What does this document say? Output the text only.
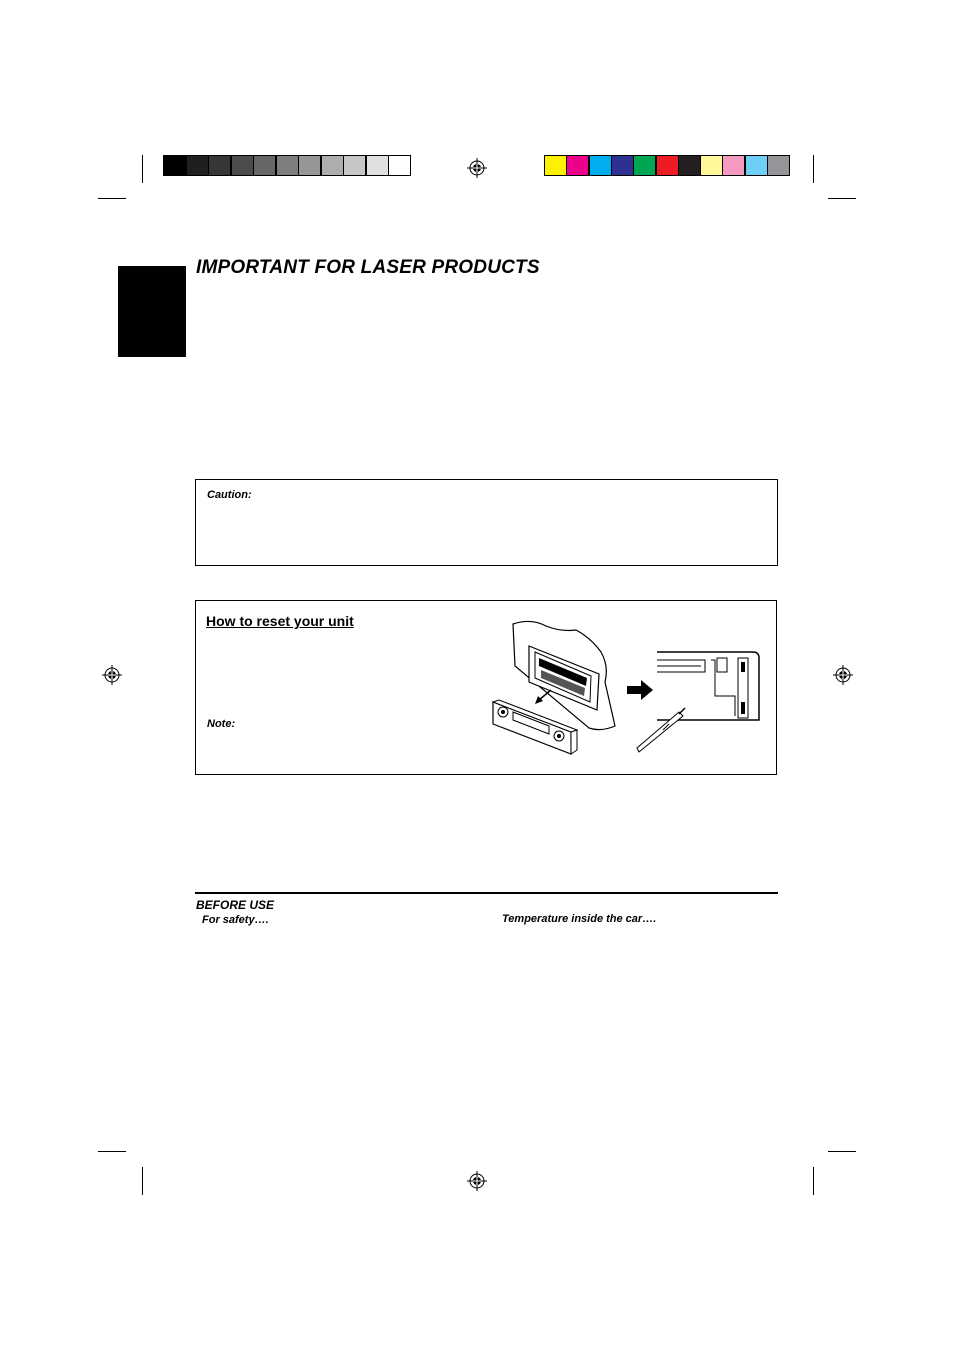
IMPORTANT FOR LASER PRODUCTS
Caution:
How to reset your unit
Note:
BEFORE USE
For safety….	Temperature inside the car….
